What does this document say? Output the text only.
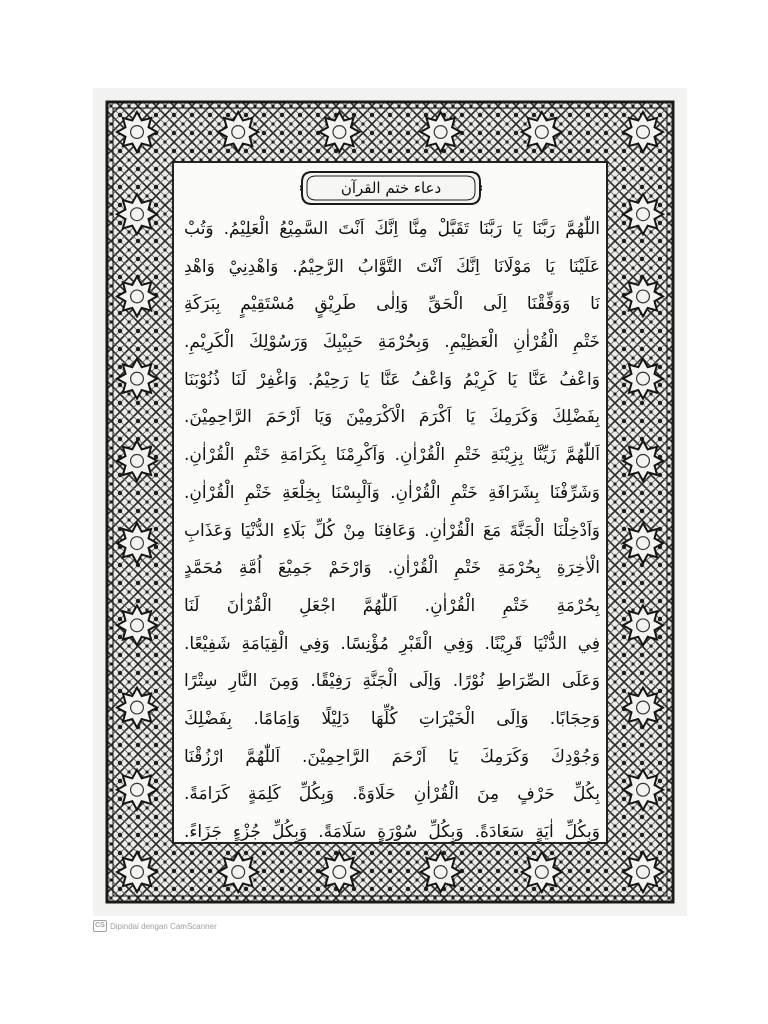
دعاء ختم القرآن
اللّٰهُمَّ رَبَّنَا يَا رَبَّنَا تَقَبَّلْ مِنَّا اِنَّكَ اَنْتَ السَّمِيْعُ الْعَلِيْمُ. وَتُبْ
عَلَيْنَا يَا مَوْلَانَا اِنَّكَ اَنْتَ التَّوَّابُ الرَّحِيْمُ. وَاهْدِنِيْ وَاهْدِ
نَا وَوَفِّقْنَا اِلَى الْحَقِّ وَاِلٰى طَرِيْقٍ مُسْتَقِيْمٍ بِبَرَكَةِ
خَتْمِ الْقُرْاٰنِ الْعَظِيْمِ. وَبِحُرْمَةِ حَبِيْبِكَ وَرَسُوْلِكَ الْكَرِيْمِ.
وَاعْفُ عَنَّا يَا كَرِيْمُ وَاعْفُ عَنَّا يَا رَحِيْمُ. وَاغْفِرْ لَنَا ذُنُوْبَنَا
بِفَضْلِكَ وَكَرَمِكَ يَا اَكْرَمَ الْاَكْرَمِيْنَ وَيَا اَرْحَمَ الرَّاحِمِيْنَ.
اَللّٰهُمَّ زَيِّنَّا بِزِيْنَةِ خَتْمِ الْقُرْاٰنِ. وَاَكْرِمْنَا بِكَرَامَةِ خَتْمِ الْقُرْاٰنِ.
وَشَرِّفْنَا بِشَرَافَةِ خَتْمِ الْقُرْاٰنِ. وَاَلْبِسْنَا بِخِلْعَةِ خَتْمِ الْقُرْاٰنِ.
وَاَدْخِلْنَا الْجَنَّةَ مَعَ الْقُرْاٰنِ. وَعَافِنَا مِنْ كُلِّ بَلَاءِ الدُّنْيَا وَعَذَابِ
الْاٰخِرَةِ بِحُرْمَةِ خَتْمِ الْقُرْاٰنِ. وَارْحَمْ جَمِيْعَ اُمَّةِ مُحَمَّدٍ
بِحُرْمَةِ خَتْمِ الْقُرْاٰنِ. اَللّٰهُمَّ اجْعَلِ الْقُرْاٰنَ لَنَا
فِي الدُّنْيَا قَرِيْنًا. وَفِي الْقَبْرِ مُؤْنِسًا. وَفِي الْقِيَامَةِ شَفِيْعًا.
وَعَلَى الصِّرَاطِ نُوْرًا. وَاِلَى الْجَنَّةِ رَفِيْقًا. وَمِنَ النَّارِ سِتْرًا
وَحِجَابًا. وَاِلَى الْخَيْرَاتِ كُلِّهَا دَلِيْلًا وَاِمَامًا. بِفَضْلِكَ
وَجُوْدِكَ وَكَرَمِكَ يَا اَرْحَمَ الرَّاحِمِيْنَ. اَللّٰهُمَّ ارْزُقْنَا
بِكُلِّ حَرْفٍ مِنَ الْقُرْاٰنِ حَلَاوَةً. وَبِكُلِّ كَلِمَةٍ كَرَامَةً.
وَبِكُلِّ اٰيَةٍ سَعَادَةً. وَبِكُلِّ سُوْرَةٍ سَلَامَةً. وَبِكُلِّ جُزْءٍ جَزَاءً.
CS Dipindai dengan CamScanner
